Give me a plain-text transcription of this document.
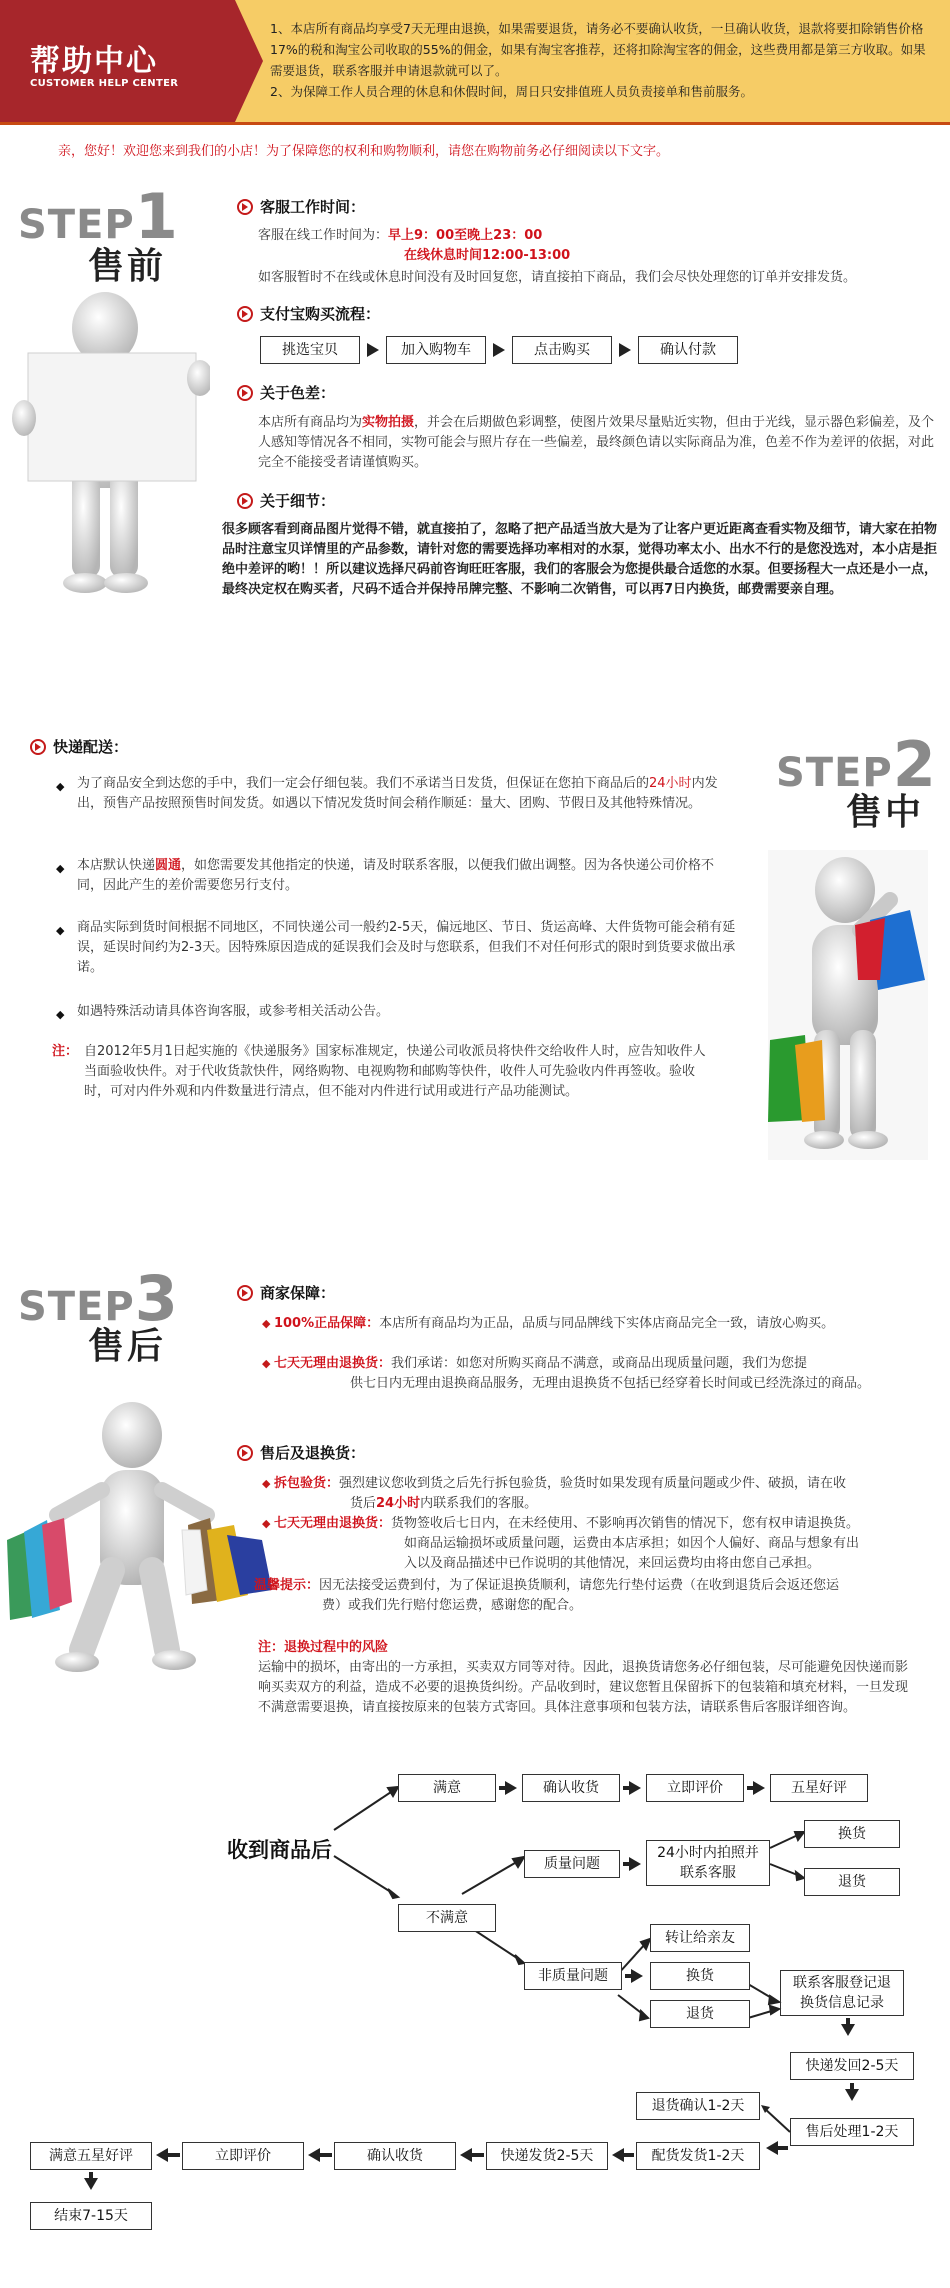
帮助中心
CUSTOMER HELP CENTER
1、本店所有商品均享受7天无理由退换，如果需要退货，请务必不要确认收货，一旦确认收货，退款将要扣除销售价格17%的税和淘宝公司收取的55%的佣金，如果有淘宝客推荐，还将扣除淘宝客的佣金，这些费用都是第三方收取。如果需要退货，联系客服并申请退款就可以了。
2、为保障工作人员合理的休息和休假时间，周日只安排值班人员负责接单和售前服务。
亲，您好！欢迎您来到我们的小店！为了保障您的权利和购物顺利，请您在购物前务必仔细阅读以下文字。
STEP1
售前
客服工作时间：
客服在线工作时间为：早上9：00至晚上23：00
在线休息时间12:00-13:00
如客服暂时不在线或休息时间没有及时回复您，请直接拍下商品，我们会尽快处理您的订单并安排发货。
支付宝购买流程：
挑选宝贝	加入购物车	点击购买	确认付款
关于色差：
本店所有商品均为实物拍摄，并会在后期做色彩调整，使图片效果尽量贴近实物，但由于光线，显示器色彩偏差，及个人感知等情况各不相同，实物可能会与照片存在一些偏差，最终颜色请以实际商品为准，色差不作为差评的依据，对此完全不能接受者请谨慎购买。
关于细节：
很多顾客看到商品图片觉得不错，就直接拍了，忽略了把产品适当放大是为了让客户更近距离查看实物及细节，请大家在拍物品时注意宝贝详情里的产品参数，请针对您的需要选择功率相对的水泵，觉得功率太小、出水不行的是您没选对，本小店是拒绝中差评的哟！！所以建议选择尺码前咨询旺旺客服，我们的客服会为您提供最合适您的水泵。但要扬程大一点还是小一点，最终决定权在购买者，尺码不适合并保持吊牌完整、不影响二次销售，可以再7日内换货，邮费需要亲自理。
快递配送：
STEP2
售中
◆ 为了商品安全到达您的手中，我们一定会仔细包装。我们不承诺当日发货，但保证在您拍下商品后的24小时内发出，预售产品按照预售时间发货。如遇以下情况发货时间会稍作顺延：量大、团购、节假日及其他特殊情况。
◆ 本店默认快递圆通，如您需要发其他指定的快递，请及时联系客服，以便我们做出调整。因为各快递公司价格不同，因此产生的差价需要您另行支付。
◆ 商品实际到货时间根据不同地区，不同快递公司一般约2-5天，偏远地区、节日、货运高峰、大件货物可能会稍有延误，延误时间约为2-3天。因特殊原因造成的延误我们会及时与您联系，但我们不对任何形式的限时到货要求做出承诺。
◆ 如遇特殊活动请具体咨询客服，或参考相关活动公告。
注： 自2012年5月1日起实施的《快递服务》国家标准规定，快递公司收派员将快件交给收件人时，应告知收件人当面验收快件。对于代收货款快件，网络购物、电视购物和邮购等快件，收件人可先验收内件再签收。验收时，可对内件外观和内件数量进行清点，但不能对内件进行试用或进行产品功能测试。
STEP3
售后
商家保障：
◆ 100%正品保障：本店所有商品均为正品，品质与同品牌线下实体店商品完全一致，请放心购买。
◆ 七天无理由退换货：我们承诺：如您对所购买商品不满意，或商品出现质量问题，我们为您提
供七日内无理由退换商品服务，无理由退换货不包括已经穿着长时间或已经洗涤过的商品。
售后及退换货：
◆ 拆包验货：强烈建议您收到货之后先行拆包验货，验货时如果发现有质量问题或少件、破损，请在收
货后24小时内联系我们的客服。
◆ 七天无理由退换货：货物签收后七日内，在未经使用、不影响再次销售的情况下，您有权申请退换货。
如商品运输损坏或质量问题，运费由本店承担；如因个人偏好、商品与想象有出
入以及商品描述中已作说明的其他情况，来回运费均由将由您自己承担。
温馨提示：因无法接受运费到付，为了保证退换货顺利，请您先行垫付运费（在收到退货后会返还您运
费）或我们先行赔付您运费，感谢您的配合。
注：退换过程中的风险
运输中的损坏，由寄出的一方承担，买卖双方同等对待。因此，退换货请您务必仔细包装，尽可能避免因快递而影响买卖双方的利益，造成不必要的退换货纠纷。产品收到时，建议您暂且保留拆下的包装箱和填充材料，一旦发现不满意需要退换，请直接按原来的包装方式寄回。具体注意事项和包装方法，请联系售后客服详细咨询。
收到商品后
满意	确认收货	立即评价	五星好评
不满意
质量问题
24小时内拍照并联系客服
换货
退货
非质量问题
转让给亲友
换货
退货
联系客服登记退换货信息记录
快递发回2-5天
售后处理1-2天
退货确认1-2天
配货发货1-2天
快递发货2-5天
确认收货
立即评价
满意五星好评
结束7-15天
